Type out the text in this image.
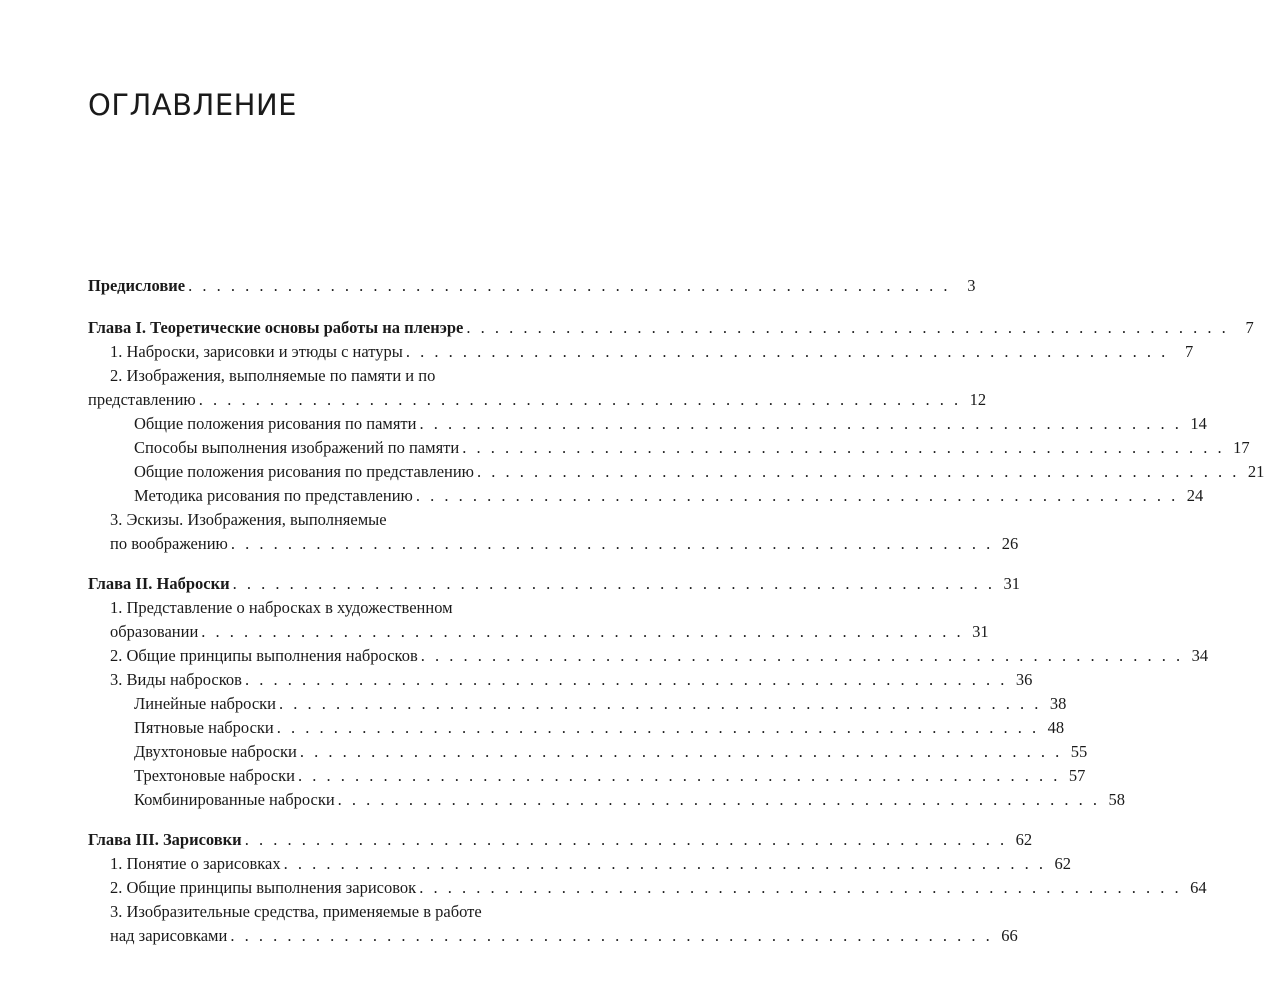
ОГЛАВЛЕНИЕ
Предисловие . . . . . . . . . . . . . . . . . . . . . . . . . . . . . . . . . . . . . . . . . . . . . . . . . . . . . .	3
Глава I. Теоретические основы работы на пленэре . . . . . . . . . . . . . . . . . . . . . . . . . . . . . . . . . . . . . . . . . . . . . . . . . . . . . .	7
1. Наброски, зарисовки и этюды с натуры . . . . . . . . . . . . . . . . . . . . . . . . . . . . . . . . . . . . . . . . . . . . . . . . . . . . . .	7
2. Изображения, выполняемые по памяти и по
представлению . . . . . . . . . . . . . . . . . . . . . . . . . . . . . . . . . . . . . . . . . . . . . . . . . . . . . . 12
Общие положения рисования по памяти . . . . . . . . . . . . . . . . . . . . . . . . . . . . . . . . . . . . . . . . . . . . . . . . . . . . . . 14
Способы выполнения изображений по памяти . . . . . . . . . . . . . . . . . . . . . . . . . . . . . . . . . . . . . . . . . . . . . . . . . . . . . . 17
Общие положения рисования по представлению . . . . . . . . . . . . . . . . . . . . . . . . . . . . . . . . . . . . . . . . . . . . . . . . . . . . . . 21
Методика рисования по представлению . . . . . . . . . . . . . . . . . . . . . . . . . . . . . . . . . . . . . . . . . . . . . . . . . . . . . . 24
3. Эскизы. Изображения, выполняемые
по воображению . . . . . . . . . . . . . . . . . . . . . . . . . . . . . . . . . . . . . . . . . . . . . . . . . . . . . . 26
Глава II. Наброски . . . . . . . . . . . . . . . . . . . . . . . . . . . . . . . . . . . . . . . . . . . . . . . . . . . . . . 31
1. Представление о набросках в художественном
образовании . . . . . . . . . . . . . . . . . . . . . . . . . . . . . . . . . . . . . . . . . . . . . . . . . . . . . . 31
2. Общие принципы выполнения набросков . . . . . . . . . . . . . . . . . . . . . . . . . . . . . . . . . . . . . . . . . . . . . . . . . . . . . . 34
3. Виды набросков . . . . . . . . . . . . . . . . . . . . . . . . . . . . . . . . . . . . . . . . . . . . . . . . . . . . . . 36
Линейные наброски . . . . . . . . . . . . . . . . . . . . . . . . . . . . . . . . . . . . . . . . . . . . . . . . . . . . . . 38
Пятновые наброски . . . . . . . . . . . . . . . . . . . . . . . . . . . . . . . . . . . . . . . . . . . . . . . . . . . . . . 48
Двухтоновые наброски . . . . . . . . . . . . . . . . . . . . . . . . . . . . . . . . . . . . . . . . . . . . . . . . . . . . . . 55
Трехтоновые наброски . . . . . . . . . . . . . . . . . . . . . . . . . . . . . . . . . . . . . . . . . . . . . . . . . . . . . . 57
Комбинированные наброски . . . . . . . . . . . . . . . . . . . . . . . . . . . . . . . . . . . . . . . . . . . . . . . . . . . . . . 58
Глава III. Зарисовки . . . . . . . . . . . . . . . . . . . . . . . . . . . . . . . . . . . . . . . . . . . . . . . . . . . . . . 62
1. Понятие о зарисовках . . . . . . . . . . . . . . . . . . . . . . . . . . . . . . . . . . . . . . . . . . . . . . . . . . . . . . 62
2. Общие принципы выполнения зарисовок . . . . . . . . . . . . . . . . . . . . . . . . . . . . . . . . . . . . . . . . . . . . . . . . . . . . . . 64
3. Изобразительные средства, применяемые в работе
над зарисовками . . . . . . . . . . . . . . . . . . . . . . . . . . . . . . . . . . . . . . . . . . . . . . . . . . . . . . 66
